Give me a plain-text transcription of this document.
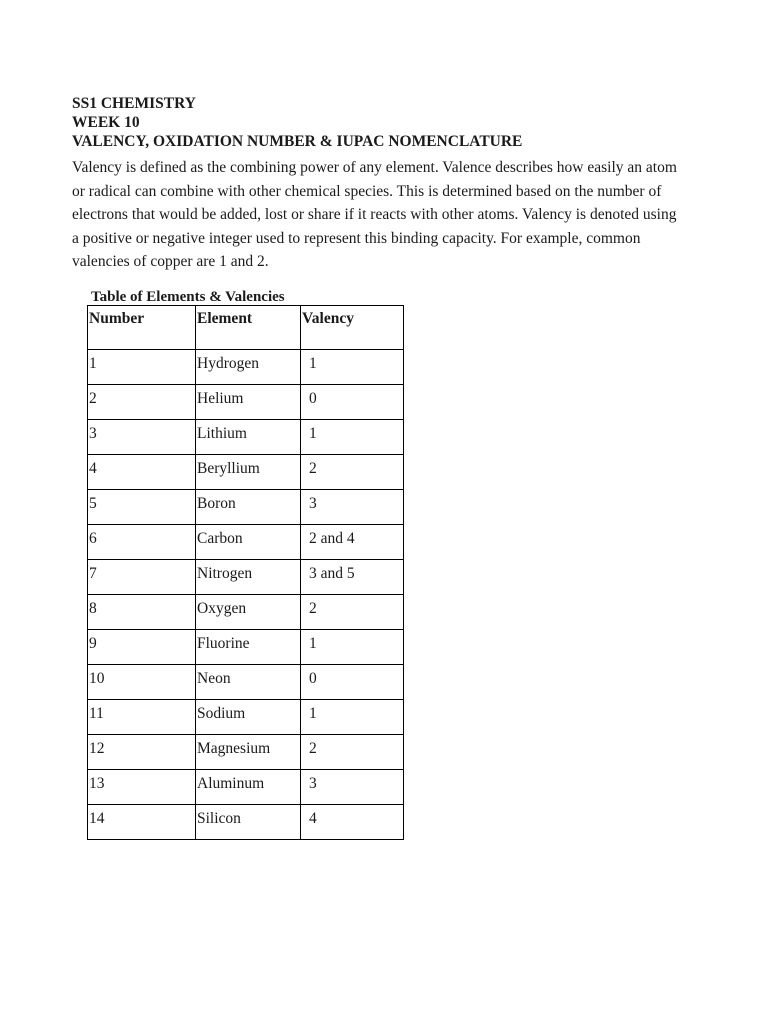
SS1 CHEMISTRY
WEEK 10
VALENCY, OXIDATION NUMBER & IUPAC NOMENCLATURE

Valency is defined as the combining power of any element. Valence describes how easily an atom or radical can combine with other chemical species. This is determined based on the number of electrons that would be added, lost or share if it reacts with other atoms. Valency is denoted using a positive or negative integer used to represent this binding capacity. For example, common valencies of copper are 1 and 2.

Table of Elements & Valencies
Number	Element	Valency
1	Hydrogen	1
2	Helium	0
3	Lithium	1
4	Beryllium	2
5	Boron	3
6	Carbon	2 and 4
7	Nitrogen	3 and 5
8	Oxygen	2
9	Fluorine	1
10	Neon	0
11	Sodium	1
12	Magnesium	2
13	Aluminum	3
14	Silicon	4
